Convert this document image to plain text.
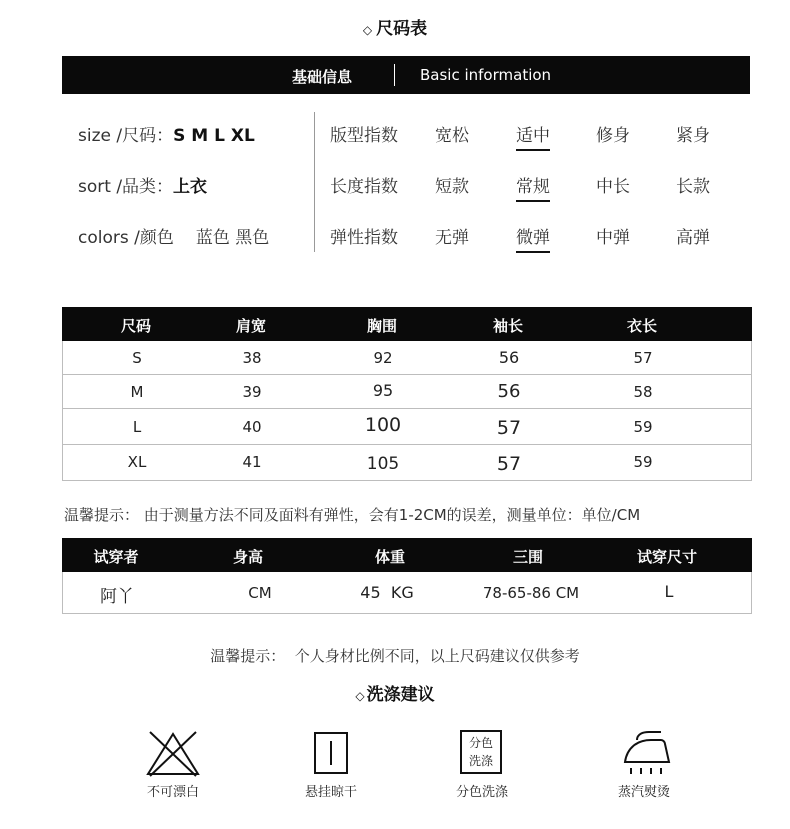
◇ 尺码表
基础信息	Basic information
size /尺码：S M L XL
sort /品类：上衣
colors /颜色 蓝色 黑色
版型指数 宽松	适中	修身	紧身
长度指数 短款	常规	中长	长款
弹性指数 无弹	微弹	中弹	高弹
尺码	肩宽	胸围	袖长	衣长
S	38	92	56	57
M	39	95	56	58
L	40	100	57	59
XL	41	105	57	59
温馨提示： 由于测量方法不同及面料有弹性，会有1-2CM的误差，测量单位：单位/CM
试穿者	身高	体重	三围	试穿尺寸
阿丫	CM	45  KG	78-65-86 CM	L
温馨提示：  个人身材比例不同，以上尺码建议仅供参考
◇ 洗涤建议
不可漂白	悬挂晾干
分色
洗涤
分色洗涤	蒸汽熨烫
